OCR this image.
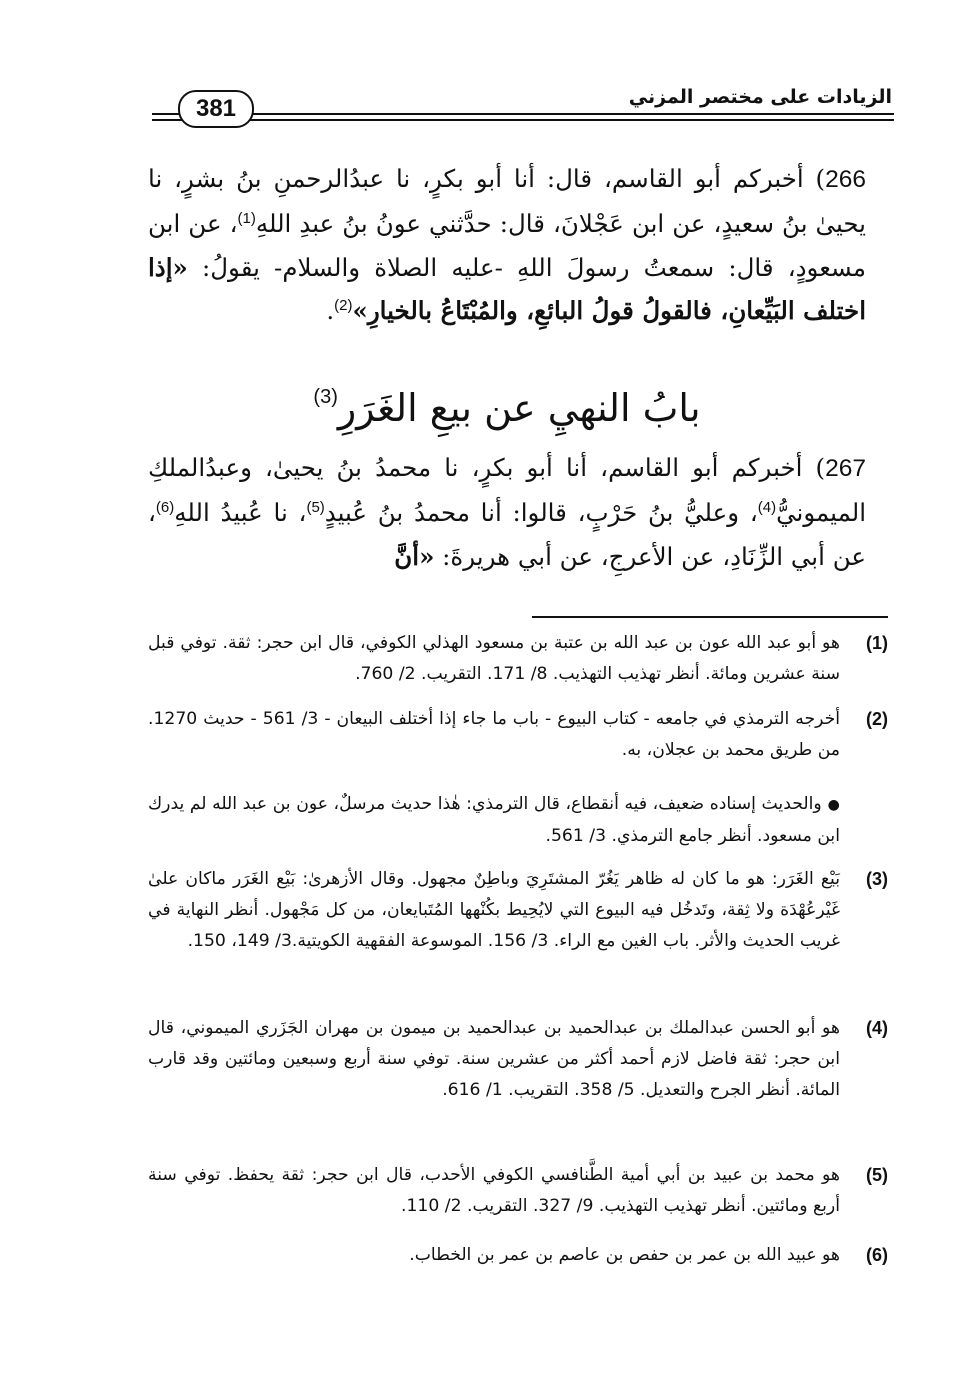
الزيادات على مختصر المزني
381
266) أخبركم أبو القاسم، قال: أنا أبو بكرٍ، نا عبدُالرحمنِ بنُ بشرٍ، نا يحيىٰ بنُ سعيدٍ، عن ابن عَجْلانَ، قال: حدَّثني عونُ بنُ عبدِ اللهِ$^{(1)}$، عن ابن مسعودٍ، قال: سمعتُ رسولَ اللهِ -عليه الصلاة والسلام- يقولُ: «إذا اختلف البَيِّعانِ، فالقولُ قولُ البائعِ، والمُبْتَاعُ بالخيارِ»$^{(2)}$.
بابُ النهيِ عن بيعِ الغَرَرِ$^{(3)}$
267) أخبركم أبو القاسم، أنا أبو بكرٍ، نا محمدُ بنُ يحيىٰ، وعبدُالملكِ الميمونيُّ$^{(4)}$، وعليُّ بنُ حَرْبٍ، قالوا: أنا محمدُ بنُ عُبيدٍ$^{(5)}$، نا عُبيدُ اللهِ$^{(6)}$، عن أبي الزِّنَادِ، عن الأعرجِ، عن أبي هريرةَ: «أنَّ
(1)
هو أبو عبد الله عون بن عبد الله بن عتبة بن مسعود الهذلي الكوفي، قال ابن حجر: ثقة. توفي قبل سنة عشرين ومائة. أنظر تهذيب التهذيب. 8/ 171. التقريب. 2/ 760.
(2)
أخرجه الترمذي في جامعه - كتاب البيوع - باب ما جاء إذا أختلف البيعان - 3/ 561 - حديث 1270. من طريق محمد بن عجلان، به.
●والحديث إسناده ضعيف، فيه أنقطاع، قال الترمذي: هٰذا حديث مرسلٌ، عون بن عبد الله لم يدرك ابن مسعود. أنظر جامع الترمذي. 3/ 561.
(3)
بَيْع الغَرَر: هو ما كان له ظاهر يَغُرّ المشتَرِيَ وباطِنٌ مجهول. وقال الأزهرىٰ: بَيْع الغَرَر ماكان علىٰ غَيْرعُهْدَة ولا ثِقة، وتَدخُل فيه البيوع التي لايُحِيط بكُنْهها المُتَبايعان، من كل مَجْهول. أنظر النهاية في غريب الحديث والأثر. باب الغين مع الراء. 3/ 156. الموسوعة الفقهية الكويتية.3/ 149، 150.
(4)
هو أبو الحسن عبدالملك بن عبدالحميد بن عبدالحميد بن ميمون بن مهران الجَزَري الميموني، قال ابن حجر: ثقة فاضل لازم أحمد أكثر من عشرين سنة. توفي سنة أربع وسبعين ومائتين وقد قارب المائة. أنظر الجرح والتعديل. 5/ 358. التقريب. 1/ 616.
(5)
هو محمد بن عبيد بن أبي أمية الطَّنافسي الكوفي الأحدب، قال ابن حجر: ثقة يحفظ. توفي سنة أربع ومائتين. أنظر تهذيب التهذيب. 9/ 327. التقريب. 2/ 110.
(6)
هو عبيد الله بن عمر بن حفص بن عاصم بن عمر بن الخطاب.
